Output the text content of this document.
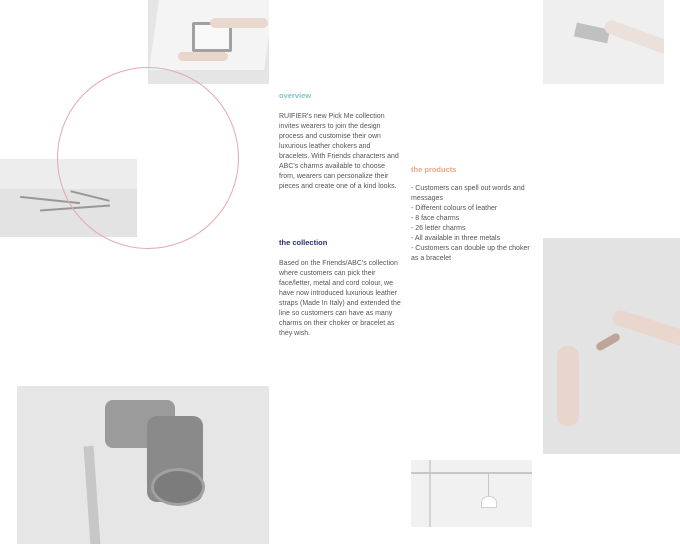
overview

RUIFIER's new Pick Me collection invites wearers to join the design process and customise their own luxurious leather chokers and bracelets. With Friends characters and ABC's charms available to choose from, wearers can personalize their pieces and create one of a kind looks.

the collection

Based on the Friends/ABC's collection where customers can pick their face/letter, metal and cord colour, we have now introduced luxurious leather straps (Made In Italy) and extended the line so customers can have as many charms on their choker or bracelet as they wish.

the products
- Customers can spell out words and messages
- Different colours of leather
- 8 face charms
- 26 letter charms
- All available in three metals
- Customers can double up the choker as a bracelet
